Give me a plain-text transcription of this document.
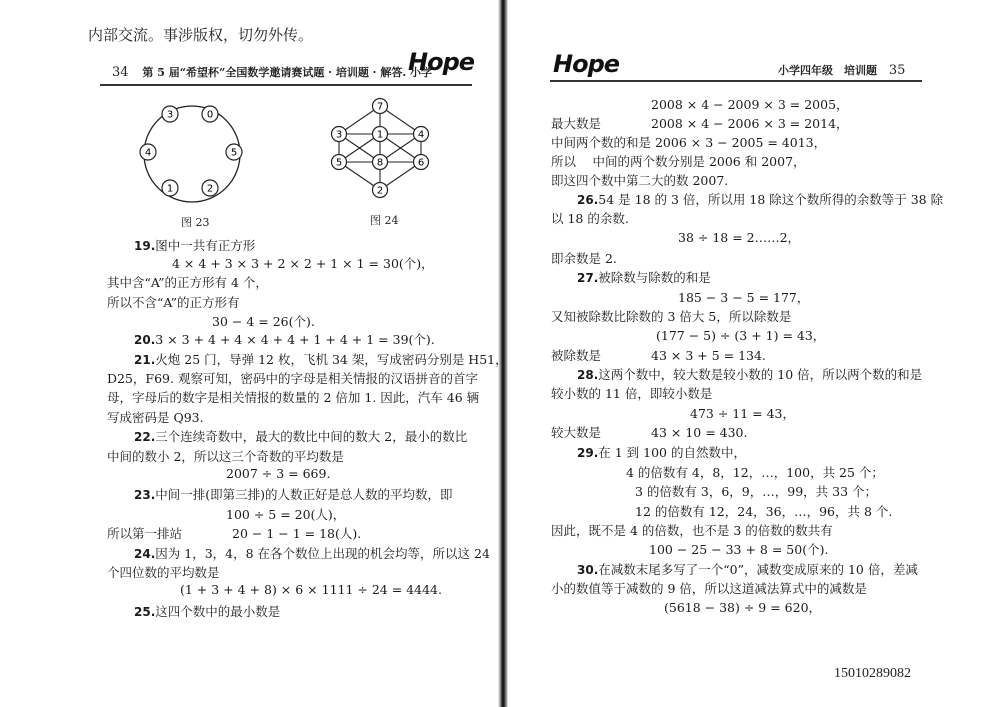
内部交流。事涉版权，切勿外传。
34 第 5 届“希望杯”全国数学邀请赛试题 · 培训题 · 解答. 小学
Hope
3	0
4	5
1	2
图 23
7
3	1	4
5	8	6
2
图 24
19.图中一共有正方形
4 × 4 + 3 × 3 + 2 × 2 + 1 × 1 = 30(个)，
其中含“A”的正方形有 4 个，
所以不含“A”的正方形有
30 − 4 = 26(个).
20.3 × 3 + 4 + 4 × 4 + 4 + 1 + 4 + 1 = 39(个).
21.火炮 25 门，导弹 12 枚，飞机 34 架，写成密码分别是 H51，
D25，F69. 观察可知，密码中的字母是相关情报的汉语拼音的首字
母，字母后的数字是相关情报的数量的 2 倍加 1. 因此，汽车 46 辆
写成密码是 Q93.
22.三个连续奇数中，最大的数比中间的数大 2，最小的数比
中间的数小 2，所以这三个奇数的平均数是
2007 ÷ 3 = 669.
23.中间一排(即第三排)的人数正好是总人数的平均数，即
100 ÷ 5 = 20(人)，
所以第一排站　　　　20 − 1 − 1 = 18(人).
24.因为 1，3，4，8 在各个数位上出现的机会均等，所以这 24
个四位数的平均数是
(1 + 3 + 4 + 8) × 6 × 1111 ÷ 24 = 4444.
25.这四个数中的最小数是
Hope	小学四年级　培训题 35
2008 × 4 − 2009 × 3 = 2005，
最大数是　　　　2008 × 4 − 2006 × 3 = 2014，
中间两个数的和是 2006 × 3 − 2005 = 4013，
所以　 中间的两个数分别是 2006 和 2007，
即这四个数中第二大的数 2007.
26.54 是 18 的 3 倍，所以用 18 除这个数所得的余数等于 38 除
以 18 的余数.
38 ÷ 18 = 2……2，
即余数是 2.
27.被除数与除数的和是
185 − 3 − 5 = 177，
又知被除数比除数的 3 倍大 5，所以除数是
(177 − 5) ÷ (3 + 1) = 43，
被除数是　　　　43 × 3 + 5 = 134.
28.这两个数中，较大数是较小数的 10 倍，所以两个数的和是
较小数的 11 倍，即较小数是
473 ÷ 11 = 43，
较大数是　　　　43 × 10 = 430.
29.在 1 到 100 的自然数中，
4 的倍数有 4，8，12，…，100，共 25 个；
3 的倍数有 3，6，9，…，99，共 33 个；
12 的倍数有 12，24，36，…，96，共 8 个.
因此，既不是 4 的倍数，也不是 3 的倍数的数共有
100 − 25 − 33 + 8 = 50(个).
30.在减数末尾多写了一个“0”，减数变成原来的 10 倍，差减
小的数值等于减数的 9 倍，所以这道减法算式中的减数是
(5618 − 38) ÷ 9 = 620，
15010289082
